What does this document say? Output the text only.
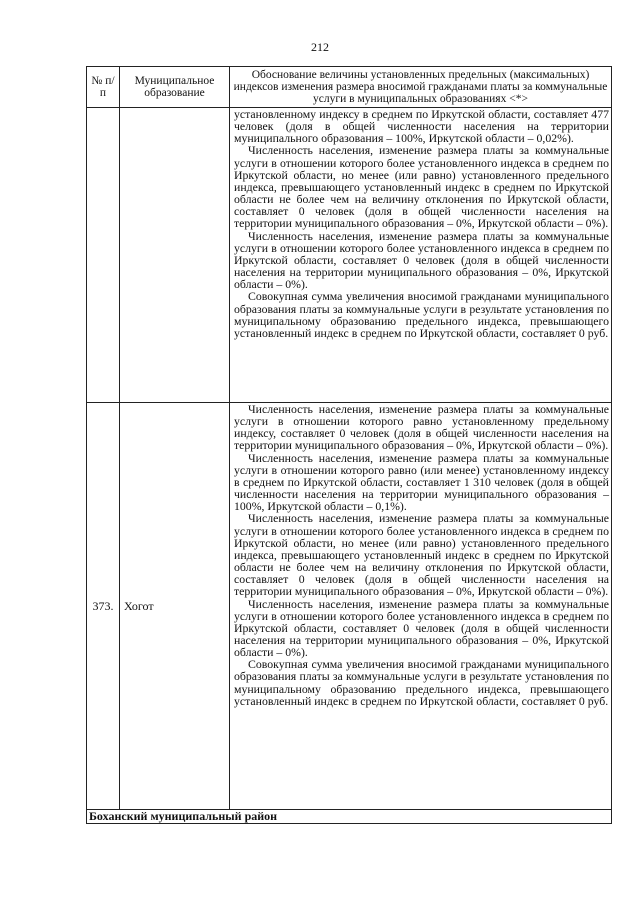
212
№ п/п	Муниципальное образование	Обоснование величины установленных предельных (максимальных) индексов изменения размера вносимой гражданами платы за коммунальные услуги в муниципальных образованиях <*>

		установленному индексу в среднем по Иркутской области, составляет 477 человек (доля в общей численности населения на территории муниципального образования – 100%, Иркутской области – 0,02%).

Численность населения, изменение размера платы за коммунальные услуги в отношении которого более установленного индекса в среднем по Иркутской области, но менее (или равно) установленного предельного индекса, превышающего установленный индекс в среднем по Иркутской области не более чем на величину отклонения по Иркутской области, составляет 0 человек (доля в общей численности населения на территории муниципального образования – 0%, Иркутской области – 0%).

Численность населения, изменение размера платы за коммунальные услуги в отношении которого более установленного индекса в среднем по Иркутской области, составляет 0 человек (доля в общей численности населения на территории муниципального образования – 0%, Иркутской области – 0%).

Совокупная сумма увеличения вносимой гражданами муниципального образования платы за коммунальные услуги в результате установления по муниципальному образованию предельного индекса, превышающего установленный индекс в среднем по Иркутской области, составляет 0 руб.

373.	Хогот	Численность населения, изменение размера платы за коммунальные услуги в отношении которого равно установленному предельному индексу, составляет 0 человек (доля в общей численности населения на территории муниципального образования – 0%, Иркутской области – 0%).

Численность населения, изменение размера платы за коммунальные услуги в отношении которого равно (или менее) установленному индексу в среднем по Иркутской области, составляет 1 310 человек (доля в общей численности населения на территории муниципального образования – 100%, Иркутской области – 0,1%).

Численность населения, изменение размера платы за коммунальные услуги в отношении которого более установленного индекса в среднем по Иркутской области, но менее (или равно) установленного предельного индекса, превышающего установленный индекс в среднем по Иркутской области не более чем на величину отклонения по Иркутской области, составляет 0 человек (доля в общей численности населения на территории муниципального образования – 0%, Иркутской области – 0%).

Численность населения, изменение размера платы за коммунальные услуги в отношении которого более установленного индекса в среднем по Иркутской области, составляет 0 человек (доля в общей численности населения на территории муниципального образования – 0%, Иркутской области – 0%).

Совокупная сумма увеличения вносимой гражданами муниципального образования платы за коммунальные услуги в результате установления по муниципальному образованию предельного индекса, превышающего установленный индекс в среднем по Иркутской области, составляет 0 руб.

Боханский муниципальный район		
